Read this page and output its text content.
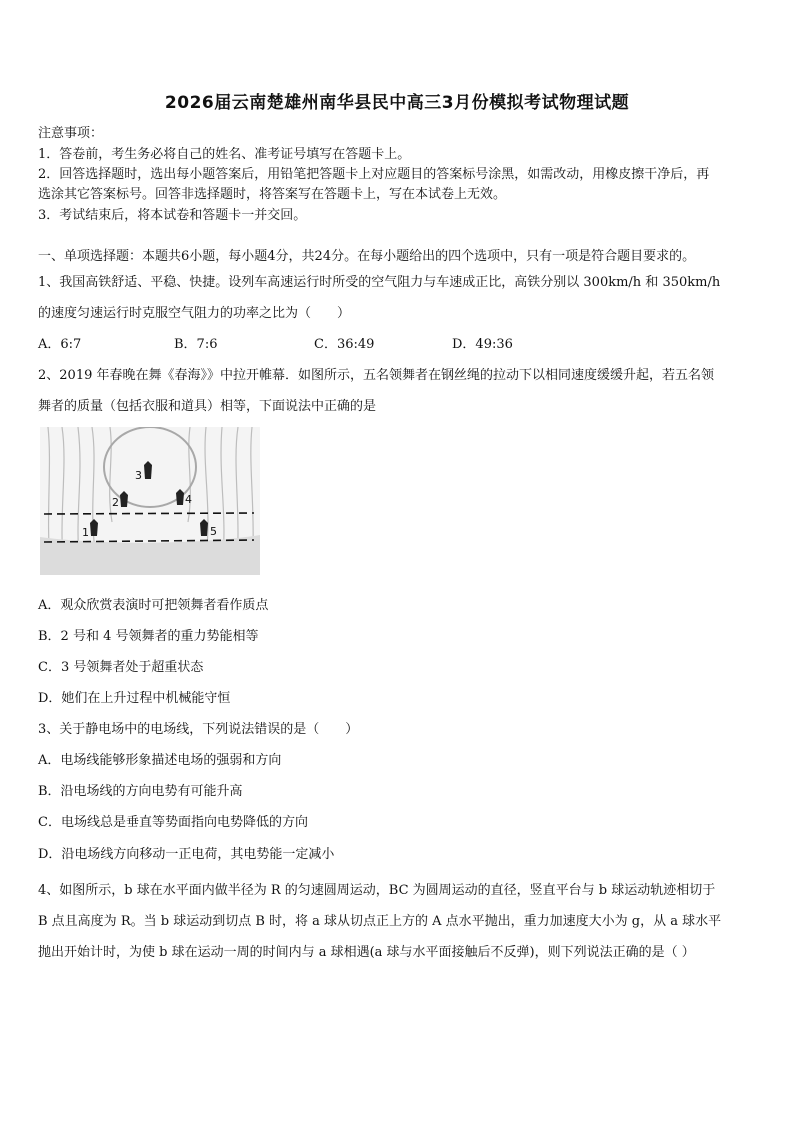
2026届云南楚雄州南华县民中高三3月份模拟考试物理试题
注意事项：
1．答卷前，考生务必将自己的姓名、准考证号填写在答题卡上。
2．回答选择题时，选出每小题答案后，用铅笔把答题卡上对应题目的答案标号涂黑，如需改动，用橡皮擦干净后，再
选涂其它答案标号。回答非选择题时，将答案写在答题卡上，写在本试卷上无效。
3．考试结束后，将本试卷和答题卡一并交回。
一、单项选择题：本题共6小题，每小题4分，共24分。在每小题给出的四个选项中，只有一项是符合题目要求的。
1、我国高铁舒适、平稳、快捷。设列车高速运行时所受的空气阻力与车速成正比，高铁分别以 300km/h 和 350km/h
的速度匀速运行时克服空气阻力的功率之比为（　　）
A．6:7	B．7:6	C．36:49	D．49:36
2、2019 年春晚在舞《春海》》中拉开帷幕．如图所示，五名领舞者在钢丝绳的拉动下以相同速度缓缓升起，若五名领
舞者的质量（包括衣服和道具）相等，下面说法中正确的是
3
2	4
1	5
A．观众欣赏表演时可把领舞者看作质点
B．2 号和 4 号领舞者的重力势能相等
C．3 号领舞者处于超重状态
D．她们在上升过程中机械能守恒
3、关于静电场中的电场线，下列说法错误的是（　　）
A．电场线能够形象描述电场的强弱和方向
B．沿电场线的方向电势有可能升高
C．电场线总是垂直等势面指向电势降低的方向
D．沿电场线方向移动一正电荷，其电势能一定减小
4、如图所示，b 球在水平面内做半径为 R 的匀速圆周运动，BC 为圆周运动的直径，竖直平台与 b 球运动轨迹相切于
B 点且高度为 R。当 b 球运动到切点 B 时，将 a 球从切点正上方的 A 点水平抛出，重力加速度大小为 g，从 a 球水平
抛出开始计时，为使 b 球在运动一周的时间内与 a 球相遇(a 球与水平面接触后不反弹)，则下列说法正确的是（ ）
